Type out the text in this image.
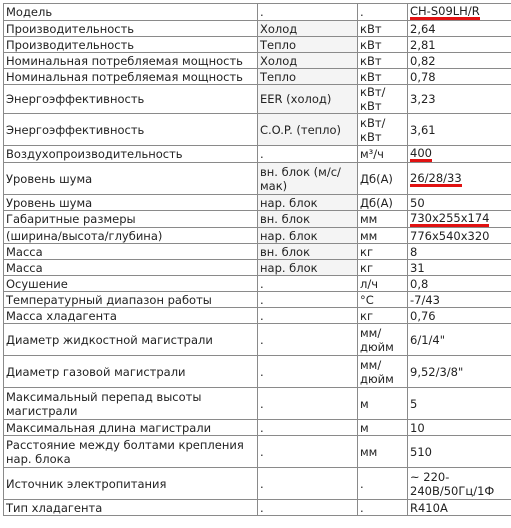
Модель	.	.	CH-S09LH/R
Производительность	Холод	кВт	2,64
Производительность	Тепло	кВт	2,81
Номинальная потребляемая мощность	Холод	кВт	0,82
Номинальная потребляемая мощность	Тепло	кВт	0,78
Энергоэффективность	EER (холод)	кВт/кВт	3,23
Энергоэффективность	C.O.P. (тепло)	кВт/ кВт	3,61
Воздухопроизводительность	.	м³/ч	400
Уровень шума	вн. блок (м/с/мак)	Дб(А)	26/28/33
Уровень шума	нар. блок	Дб(А)	50
Габаритные размеры	вн. блок	мм	730x255x174
(ширина/высота/глубина)	нар. блок	мм	776x540x320
Масса	вн. блок	кг	8
Масса	нар. блок	кг	31
Осушение	.	л/ч	0,8
Температурный диапазон работы	.	°С	-7/43
Масса хладагента	.	кг	0,76
Диаметр жидкостной магистрали	.	мм/ дюйм	6/1/4"
Диаметр газовой магистрали	.	мм/ дюйм	9,52/3/8"
Максимальный перепад высоты магистрали	.	м	5
Максимальная длина магистрали	.	м	10
Расстояние между болтами крепления нар. блока	.	мм	510
Источник электропитания	.	.	~ 220-240В/50Гц/1Ф
Тип хладагента	.	.	R410A
